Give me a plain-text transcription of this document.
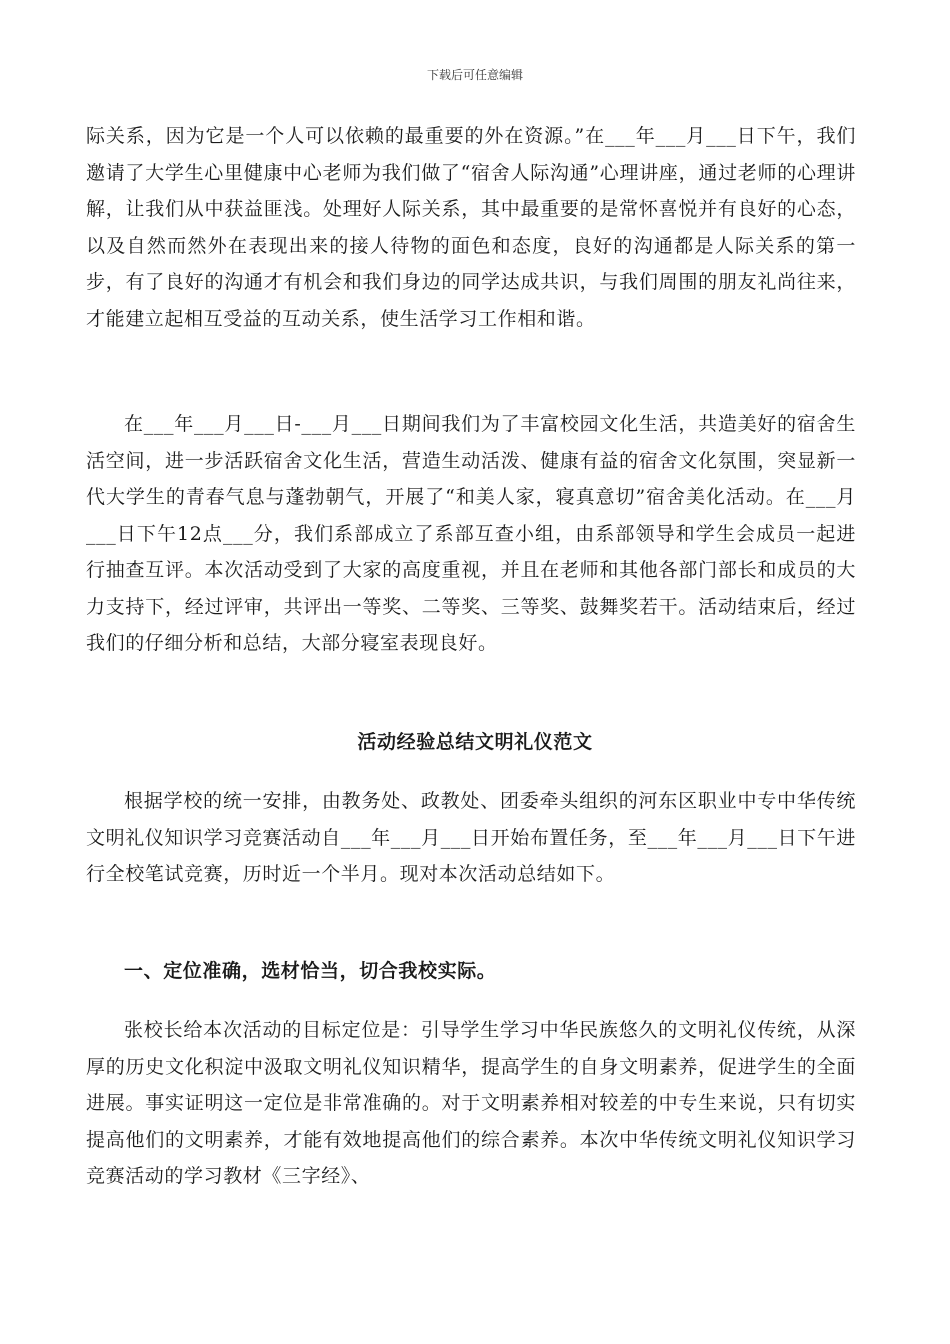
下载后可任意编辑

际关系，因为它是一个人可以依赖的最重要的外在资源。”在___年___月___日下午，我们邀请了大学生心里健康中心老师为我们做了“宿舍人际沟通”心理讲座，通过老师的心理讲解，让我们从中获益匪浅。处理好人际关系，其中最重要的是常怀喜悦并有良好的心态，以及自然而然外在表现出来的接人待物的面色和态度，良好的沟通都是人际关系的第一步，有了良好的沟通才有机会和我们身边的同学达成共识，与我们周围的朋友礼尚往来，才能建立起相互受益的互动关系，使生活学习工作相和谐。

在___年___月___日-___月___日期间我们为了丰富校园文化生活，共造美好的宿舍生活空间，进一步活跃宿舍文化生活，营造生动活泼、健康有益的宿舍文化氛围，突显新一代大学生的青春气息与蓬勃朝气，开展了“和美人家，寝真意切”宿舍美化活动。在___月___日下午12点___分，我们系部成立了系部互查小组，由系部领导和学生会成员一起进行抽查互评。本次活动受到了大家的高度重视，并且在老师和其他各部门部长和成员的大力支持下，经过评审，共评出一等奖、二等奖、三等奖、鼓舞奖若干。活动结束后，经过我们的仔细分析和总结，大部分寝室表现良好。

活动经验总结文明礼仪范文

根据学校的统一安排，由教务处、政教处、团委牵头组织的河东区职业中专中华传统文明礼仪知识学习竞赛活动自___年___月___日开始布置任务，至___年___月___日下午进行全校笔试竞赛，历时近一个半月。现对本次活动总结如下。

一、定位准确，选材恰当，切合我校实际。

张校长给本次活动的目标定位是：引导学生学习中华民族悠久的文明礼仪传统，从深厚的历史文化积淀中汲取文明礼仪知识精华，提高学生的自身文明素养，促进学生的全面进展。事实证明这一定位是非常准确的。对于文明素养相对较差的中专生来说，只有切实提高他们的文明素养，才能有效地提高他们的综合素养。本次中华传统文明礼仪知识学习竞赛活动的学习教材《三字经》、
